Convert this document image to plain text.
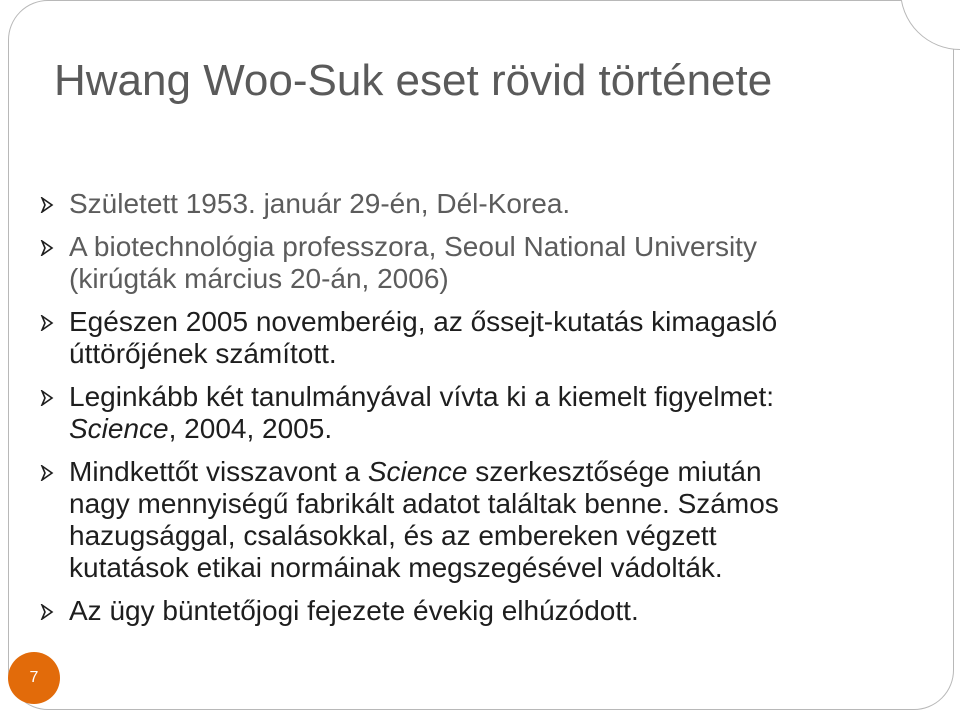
Hwang Woo-Suk eset rövid története
Született 1953. január 29-én, Dél-Korea.
A biotechnológia professzora, Seoul National University
(kirúgták március 20-án, 2006)
Egészen 2005 novemberéig, az őssejt-kutatás kimagasló
úttörőjének számított.
Leginkább két tanulmányával vívta ki a kiemelt figyelmet:
Science, 2004, 2005.
Mindkettőt visszavont a Science szerkesztősége miután
nagy mennyiségű fabrikált adatot találtak benne. Számos
hazugsággal, csalásokkal, és az embereken végzett
kutatások etikai normáinak megszegésével vádolták.
Az ügy büntetőjogi fejezete évekig elhúzódott.
7
